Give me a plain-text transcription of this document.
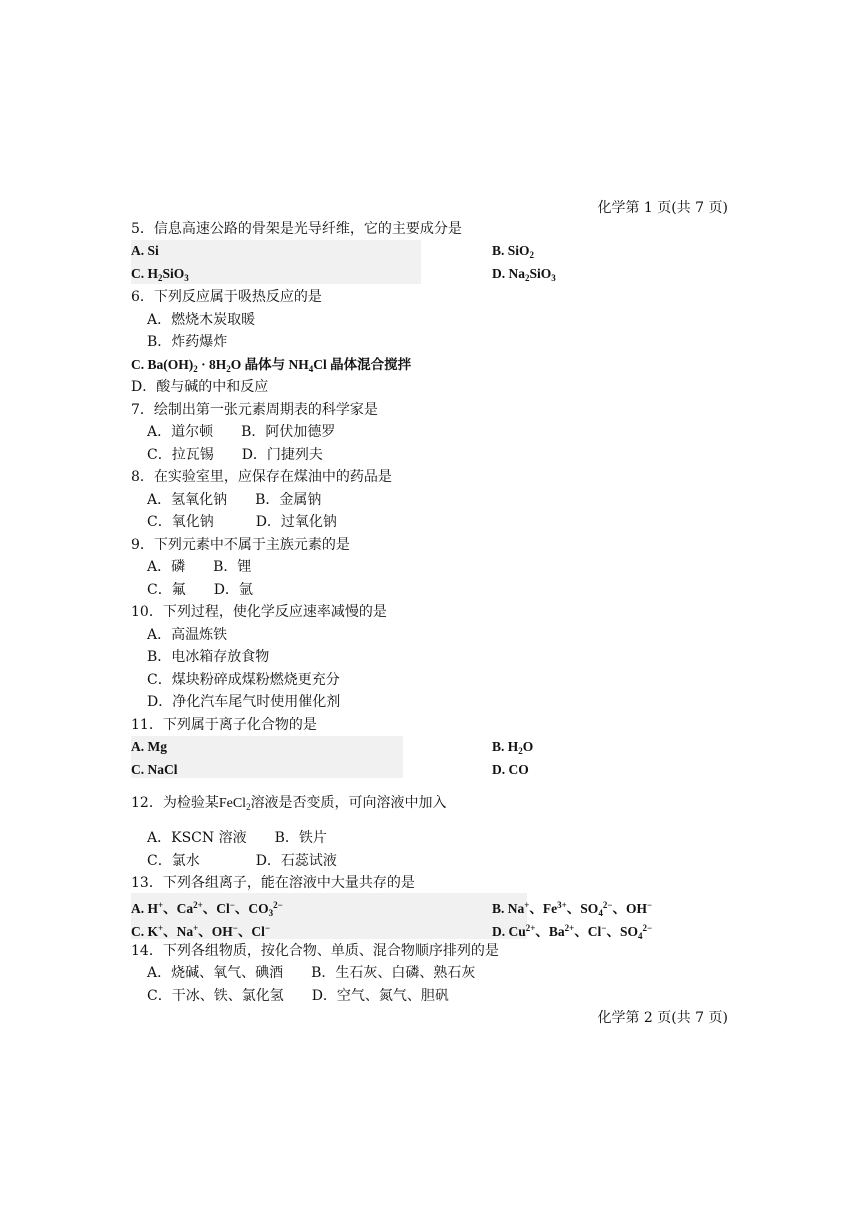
化学第 1 页(共 7 页)
5．信息高速公路的骨架是光导纤维，它的主要成分是
A. Si	B. SiO$_2$
C. $H_2SiO_3$	D. $Na_2SiO_3$
6．下列反应属于吸热反应的是
A．燃烧木炭取暖
B．炸药爆炸
C. $Ba(OH)_2 \cdot 8H_2O$ 晶体与 $NH_4Cl$ 晶体混合搅拌
D．酸与碱的中和反应
7．绘制出第一张元素周期表的科学家是
A．道尔顿　　B．阿伏加德罗
C．拉瓦锡　　D．门捷列夫
8．在实验室里，应保存在煤油中的药品是
A．氢氧化钠　　B．金属钠
C．氧化钠　　　D．过氧化钠
9．下列元素中不属于主族元素的是
A．磷　　B．锂
C．氟　　D．氩
10．下列过程，使化学反应速率减慢的是
A．高温炼铁
B．电冰箱存放食物
C．煤块粉碎成煤粉燃烧更充分
D．净化汽车尾气时使用催化剂
11．下列属于离子化合物的是
A. Mg	B. $H_2O$
C. NaCl	D. CO
12．为检验某FeCl$_2$溶液是否变质，可向溶液中加入
A．KSCN 溶液　　B．铁片
C．氯水　　　　D．石蕊试液
13．下列各组离子，能在溶液中大量共存的是
A. H+、$Ca^{2+}$、Cl−、$CO_3^{2-}$	B. Na+、$Fe^{3+}$、$SO_4^{2-}$、OH−
C. K+、Na+、OH−、Cl−	D. $Cu^{2+}$、$Ba^{2+}$、Cl−、$SO_4^{2-}$
14．下列各组物质，按化合物、单质、混合物顺序排列的是
A．烧碱、氧气、碘酒　　B．生石灰、白磷、熟石灰
C．干冰、铁、氯化氢　　D．空气、氮气、胆矾
化学第 2 页(共 7 页)
